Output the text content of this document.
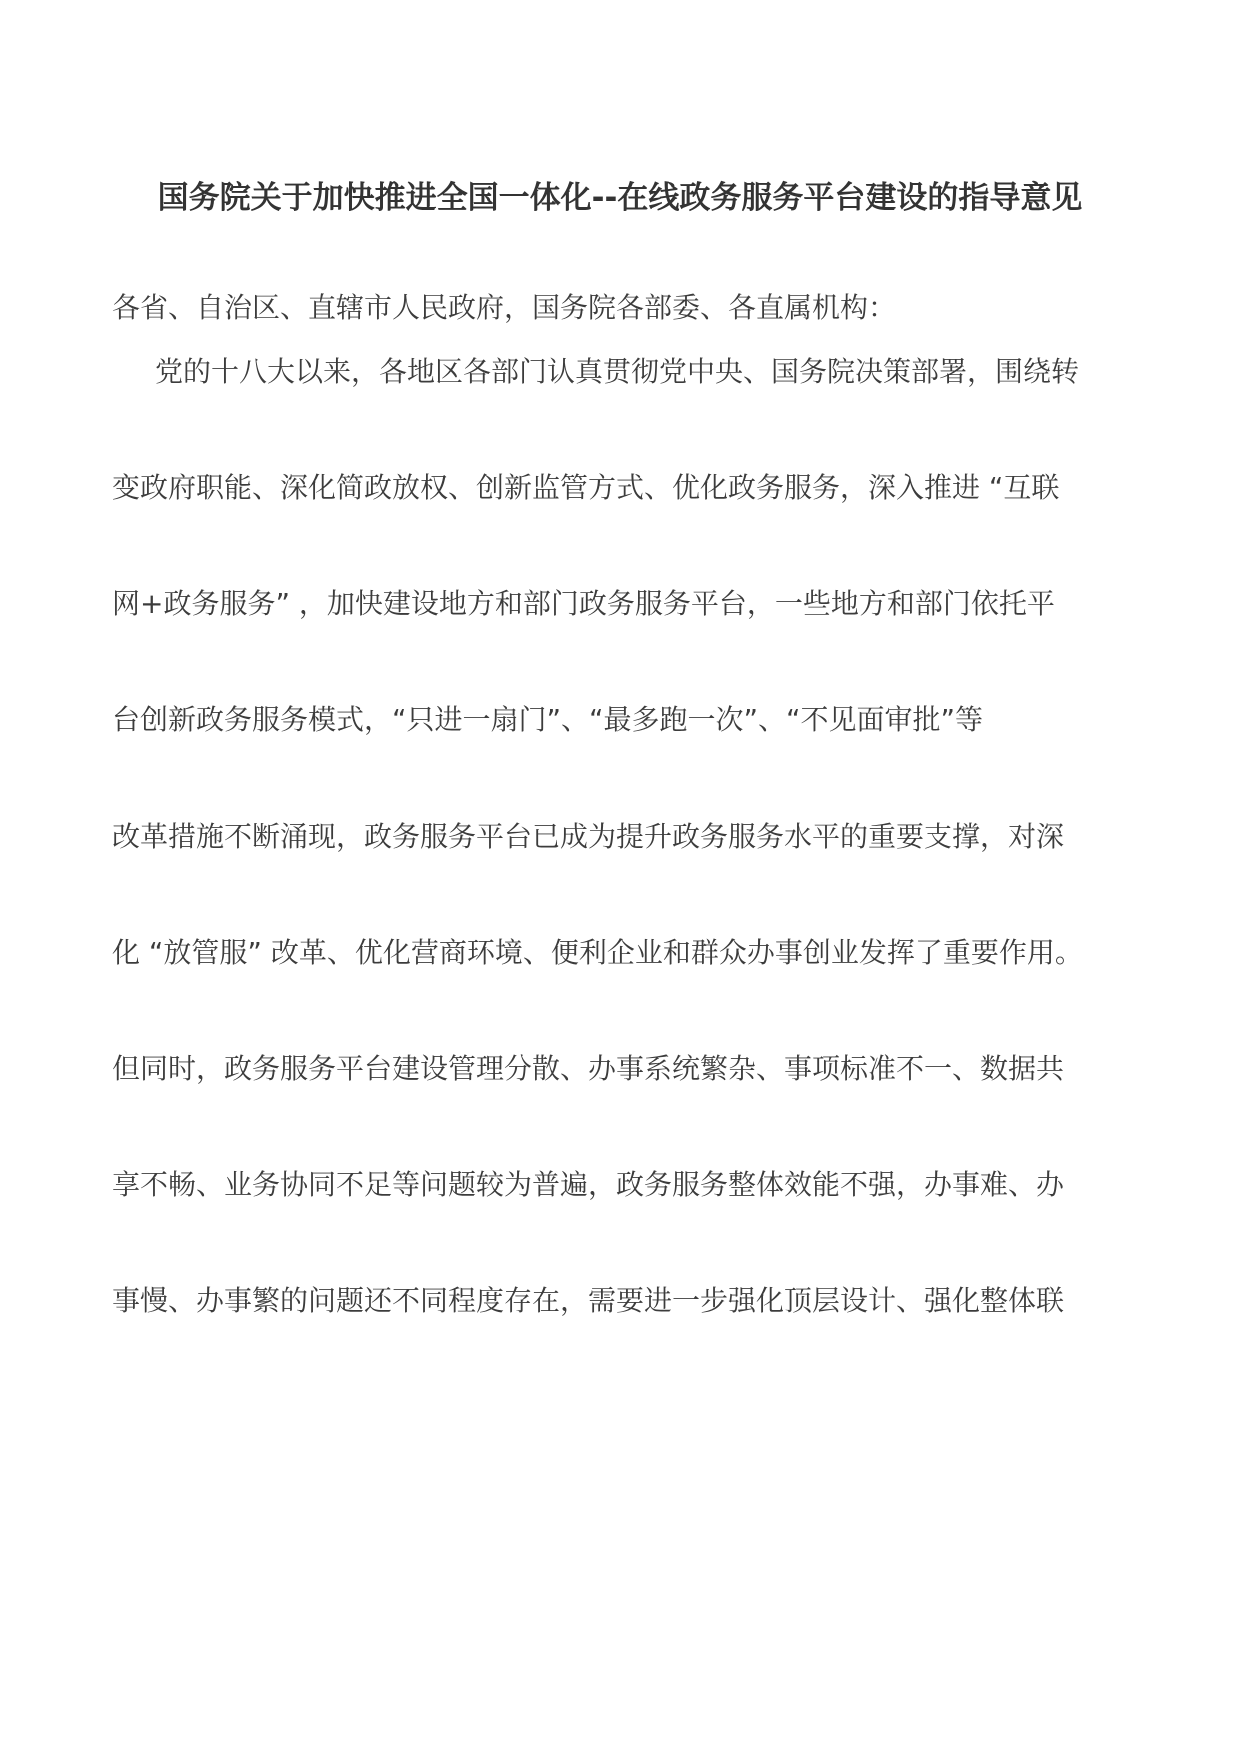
国务院关于加快推进全国一体化--在线政务服务平台建设的指导意见

各省、自治区、直辖市人民政府，国务院各部委、各直属机构：

党的十八大以来，各地区各部门认真贯彻党中央、国务院决策部署，围绕转

变政府职能、深化简政放权、创新监管方式、优化政务服务，深入推进 “互联

网+政务服务” ，加快建设地方和部门政务服务平台，一些地方和部门依托平

台创新政务服务模式，“只进一扇门”、“最多跑一次”、“不见面审批”等

改革措施不断涌现，政务服务平台已成为提升政务服务水平的重要支撑，对深

化 “放管服” 改革、优化营商环境、便利企业和群众办事创业发挥了重要作用。

但同时，政务服务平台建设管理分散、办事系统繁杂、事项标准不一、数据共

享不畅、业务协同不足等问题较为普遍，政务服务整体效能不强，办事难、办

事慢、办事繁的问题还不同程度存在，需要进一步强化顶层设计、强化整体联
